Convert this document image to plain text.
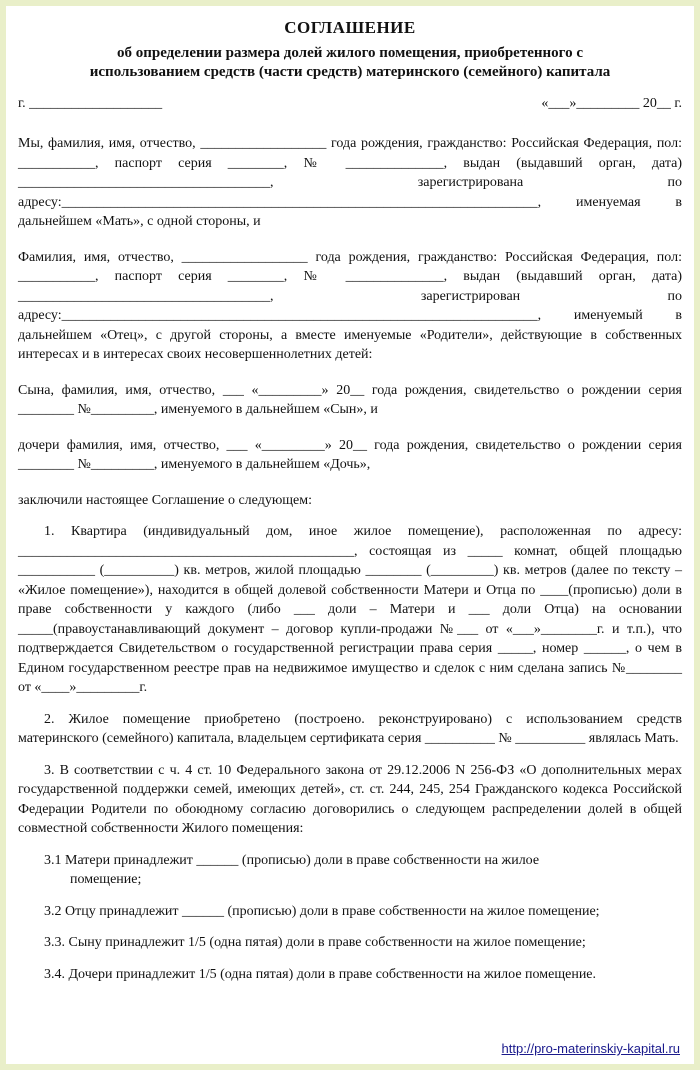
СОГЛАШЕНИЕ
об определении размера долей жилого помещения, приобретенного с
использованием средств (части средств) материнского (семейного) капитала
г. ___________________	«___»_________ 20__ г.

Мы, фамилия, имя, отчество, __________________ года рождения, гражданство: Российская Федерация, пол: ___________, паспорт серия ________, № ______________, выдан (выдавший орган, дата) ____________________________________, зарегистрирована по адресу:____________________________________________________________________, именуемая в дальнейшем «Мать», с одной стороны, и

Фамилия, имя, отчество, __________________ года рождения, гражданство: Российская Федерация, пол: ___________, паспорт серия ________, № ______________, выдан (выдавший орган, дата) ____________________________________, зарегистрирован по адресу:____________________________________________________________________, именуемый в дальнейшем «Отец», с другой стороны, а вместе именуемые «Родители», действующие в собственных интересах и в интересах своих несовершеннолетних детей:

Сына, фамилия, имя, отчество, ___ «_________» 20__ года рождения, свидетельство о рождении серия ________ №_________, именуемого в дальнейшем «Сын», и

дочери фамилия, имя, отчество, ___ «_________» 20__ года рождения, свидетельство о рождении серия ________ №_________, именуемого в дальнейшем «Дочь»,

заключили настоящее Соглашение о следующем:

1. Квартира (индивидуальный дом, иное жилое помещение), расположенная по адресу: ________________________________________________, состоящая из _____ комнат, общей площадью ___________ (__________) кв. метров, жилой площадью ________ (_________) кв. метров (далее по тексту – «Жилое помещение»), находится в общей долевой собственности Матери и Отца по ____(прописью) доли в праве собственности у каждого (либо ___ доли – Матери и ___ доли Отца) на основании _____(правоустанавливающий документ – договор купли-продажи №___ от «___»________г. и т.п.), что подтверждается Свидетельством о государственной регистрации права серия _____, номер ______, о чем в Едином государственном реестре прав на недвижимое имущество и сделок с ним сделана запись №________ от «____»_________г.

2. Жилое помещение приобретено (построено. реконструировано) с использованием средств материнского (семейного) капитала, владельцем сертификата серия __________ № __________ являлась Мать.

3. В соответствии с ч. 4 ст. 10 Федерального закона от 29.12.2006 N 256-ФЗ «О дополнительных мерах государственной поддержки семей, имеющих детей», ст. ст. 244, 245, 254 Гражданского кодекса Российской Федерации Родители по обоюдному согласию договорились о следующем распределении долей в общей совместной собственности Жилого помещения:

3.1 Матери принадлежит ______ (прописью) доли в праве собственности на жилое

помещение;

3.2 Отцу принадлежит ______ (прописью) доли в праве собственности на жилое помещение;

3.3. Сыну принадлежит 1/5 (одна пятая) доли в праве собственности на жилое помещение;

3.4. Дочери принадлежит 1/5 (одна пятая) доли в праве собственности на жилое помещение.

http://pro-materinskiy-kapital.ru
